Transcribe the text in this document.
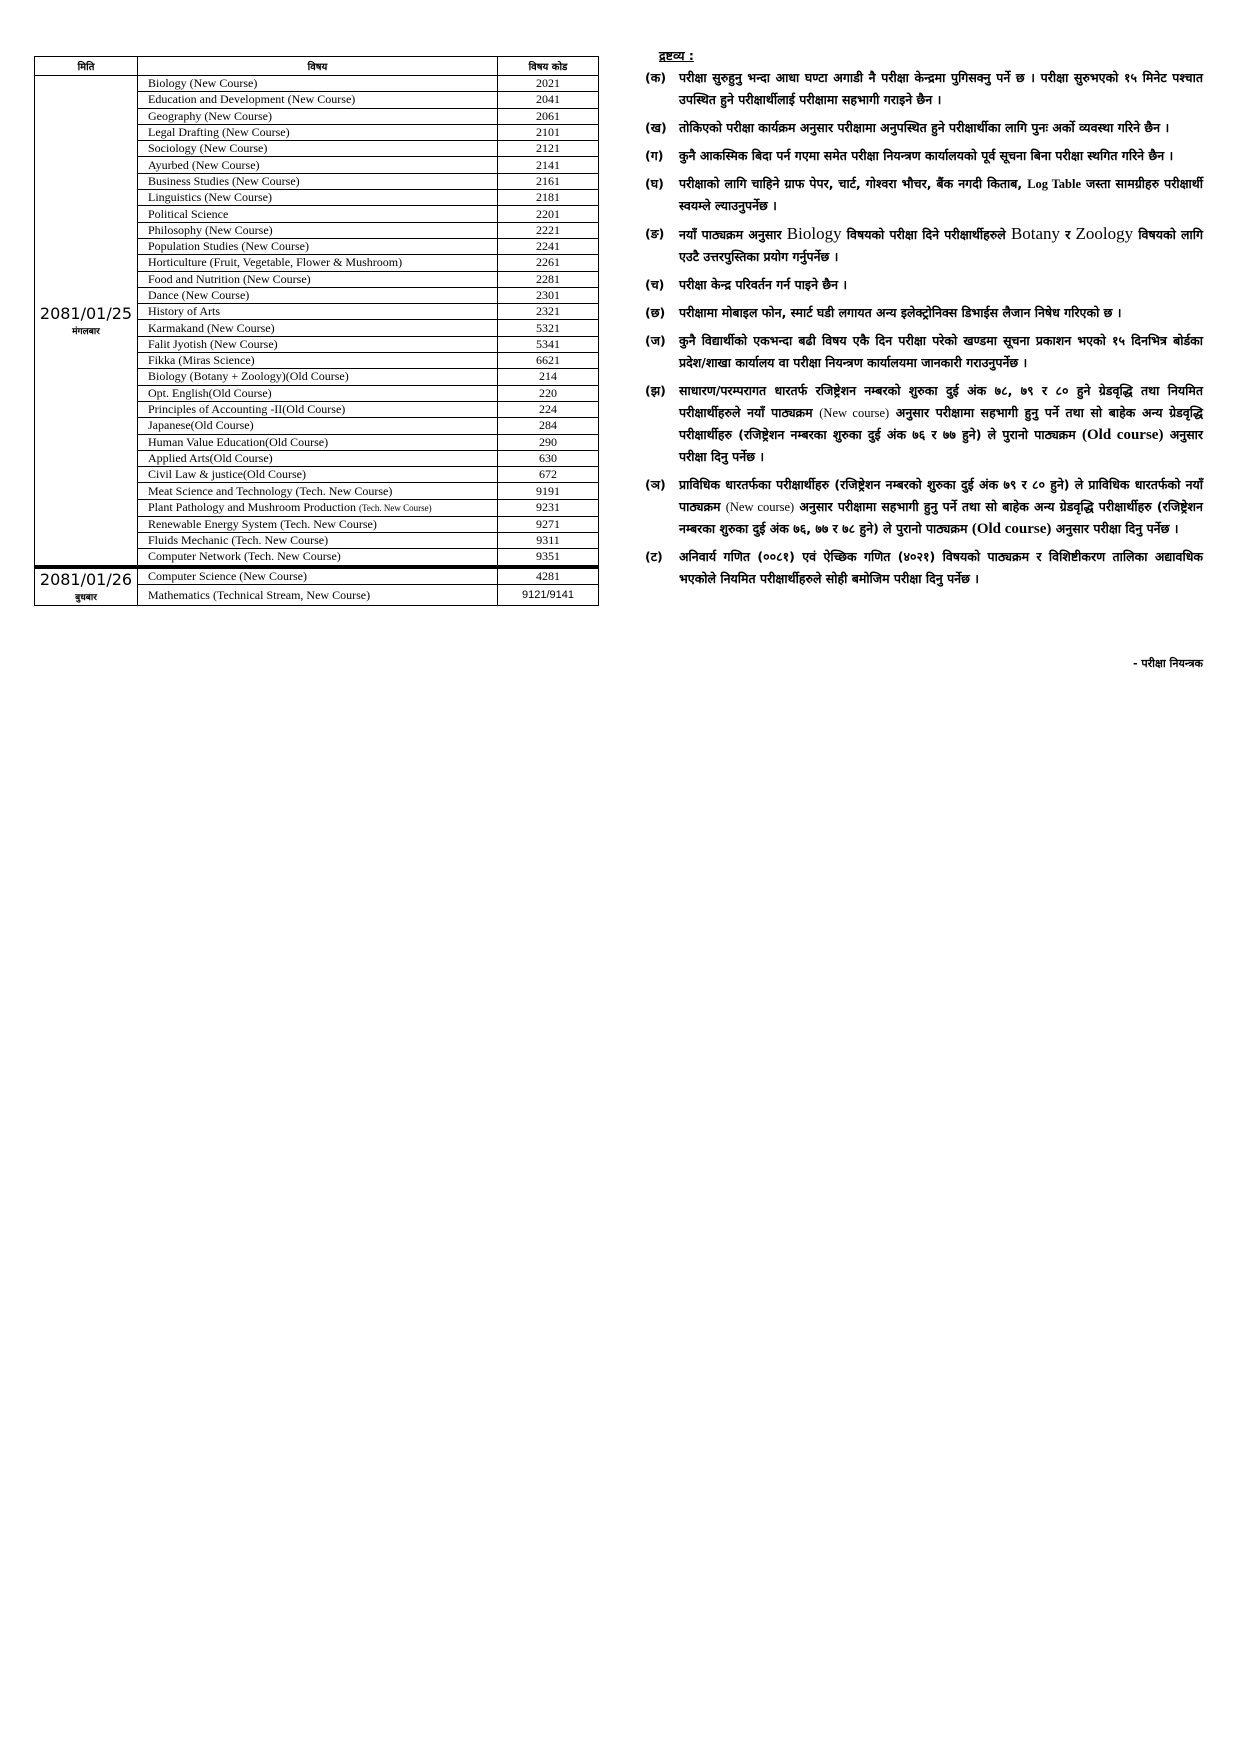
मिति	विषय	विषय कोड

2081/01/25
मंगलबार	Biology (New Course)	2021
	Education and Development (New Course)	2041
	Geography (New Course)	2061
	Legal Drafting (New Course)	2101
	Sociology (New Course)	2121
	Ayurbed (New Course)	2141
	Business Studies (New Course)	2161
	Linguistics (New Course)	2181
	Political Science	2201
	Philosophy (New Course)	2221
	Population Studies (New Course)	2241
	Horticulture (Fruit, Vegetable, Flower & Mushroom)	2261
	Food and Nutrition (New Course)	2281
	Dance (New Course)	2301
	History of Arts	2321
	Karmakand (New Course)	5321
	Falit Jyotish (New Course)	5341
	Fikka (Miras Science)	6621
	Biology (Botany + Zoology)(Old Course)	214
	Opt. English(Old Course)	220
	Principles of Accounting -II(Old Course)	224
	Japanese(Old Course)	284
	Human Value Education(Old Course)	290
	Applied Arts(Old Course)	630
	Civil Law & justice(Old Course)	672
	Meat Science and Technology (Tech. New Course)	9191
	Plant Pathology and Mushroom Production (Tech. New Course)	9231
	Renewable Energy System (Tech. New Course)	9271
	Fluids Mechanic (Tech. New Course)	9311
	Computer Network (Tech. New Course)	9351

2081/01/26
बुधबार	Computer Science (New Course)	4281
	Mathematics (Technical Stream, New Course)	9121/9141
द्रष्टव्य :
(क)	परीक्षा सुरुहुनु भन्दा आधा घण्टा अगाडी नै परीक्षा केन्द्रमा पुगिसक्नु पर्ने छ । परीक्षा सुरुभएको १५ मिनेट पश्चात उपस्थित हुने परीक्षार्थीलाई परीक्षामा सहभागी गराइने छैन ।
(ख) तोकिएको परीक्षा कार्यक्रम अनुसार परीक्षामा अनुपस्थित हुने परीक्षार्थीका लागि पुनः अर्को व्यवस्था गरिने छैन ।
(ग)	कुनै आकस्मिक बिदा पर्न गएमा समेत परीक्षा नियन्त्रण कार्यालयको पूर्व सूचना बिना परीक्षा स्थगित गरिने छैन ।
(घ)	परीक्षाको लागि चाहिने ग्राफ पेपर, चार्ट, गोश्वरा भौचर, बैंक नगदी किताब, Log Table जस्ता सामग्रीहरु परीक्षार्थी स्वयम्ले ल्याउनुपर्नेछ ।
(ङ)	नयाँ पाठ्यक्रम अनुसार Biology विषयको परीक्षा दिने परीक्षार्थीहरुले Botany र Zoology विषयको लागि एउटै उत्तरपुस्तिका प्रयोग गर्नुपर्नेछ ।
(च)	परीक्षा केन्द्र परिवर्तन गर्न पाइने छैन ।
(छ)	परीक्षामा मोबाइल फोन, स्मार्ट घडी लगायत अन्य इलेक्ट्रोनिक्स डिभाईस लैजान निषेध गरिएको छ ।
(ज)	कुनै विद्यार्थीको एकभन्दा बढी विषय एकै दिन परीक्षा परेको खण्डमा सूचना प्रकाशन भएको १५ दिनभित्र बोर्डका प्रदेश/शाखा कार्यालय वा परीक्षा नियन्त्रण कार्यालयमा जानकारी गराउनुपर्नेछ ।
(झ)	साधारण/परम्परागत धारतर्फ रजिष्ट्रेशन नम्बरको शुरुका दुई अंक ७८, ७९ र ८० हुने ग्रेडवृद्धि तथा नियमित परीक्षार्थीहरुले नयाँ पाठ्यक्रम (New course) अनुसार परीक्षामा सहभागी हुनु पर्ने तथा सो बाहेक अन्य ग्रेडवृद्धि परीक्षार्थीहरु (रजिष्ट्रेशन नम्बरका शुरुका दुई अंक ७६ र ७७ हुने) ले पुरानो पाठ्यक्रम (Old course) अनुसार परीक्षा दिनु पर्नेछ ।
(ञ)	प्राविधिक धारतर्फका परीक्षार्थीहरु (रजिष्ट्रेशन नम्बरको शुरुका दुई अंक ७९ र ८० हुने) ले प्राविधिक धारतर्फको नयाँ पाठ्यक्रम (New course) अनुसार परीक्षामा सहभागी हुनु पर्ने तथा सो बाहेक अन्य ग्रेडवृद्धि परीक्षार्थीहरु (रजिष्ट्रेशन नम्बरका शुरुका दुई अंक ७६, ७७ र ७८ हुने) ले पुरानो पाठ्यक्रम (Old course) अनुसार परीक्षा दिनु पर्नेछ ।
(ट)	अनिवार्य गणित (००८१) एवं ऐच्छिक गणित (४०२१) विषयको पाठ्यक्रम र विशिष्टीकरण तालिका अद्यावधिक भएकोले नियमित परीक्षार्थीहरुले सोही बमोजिम परीक्षा दिनु पर्नेछ ।
- परीक्षा नियन्त्रक
